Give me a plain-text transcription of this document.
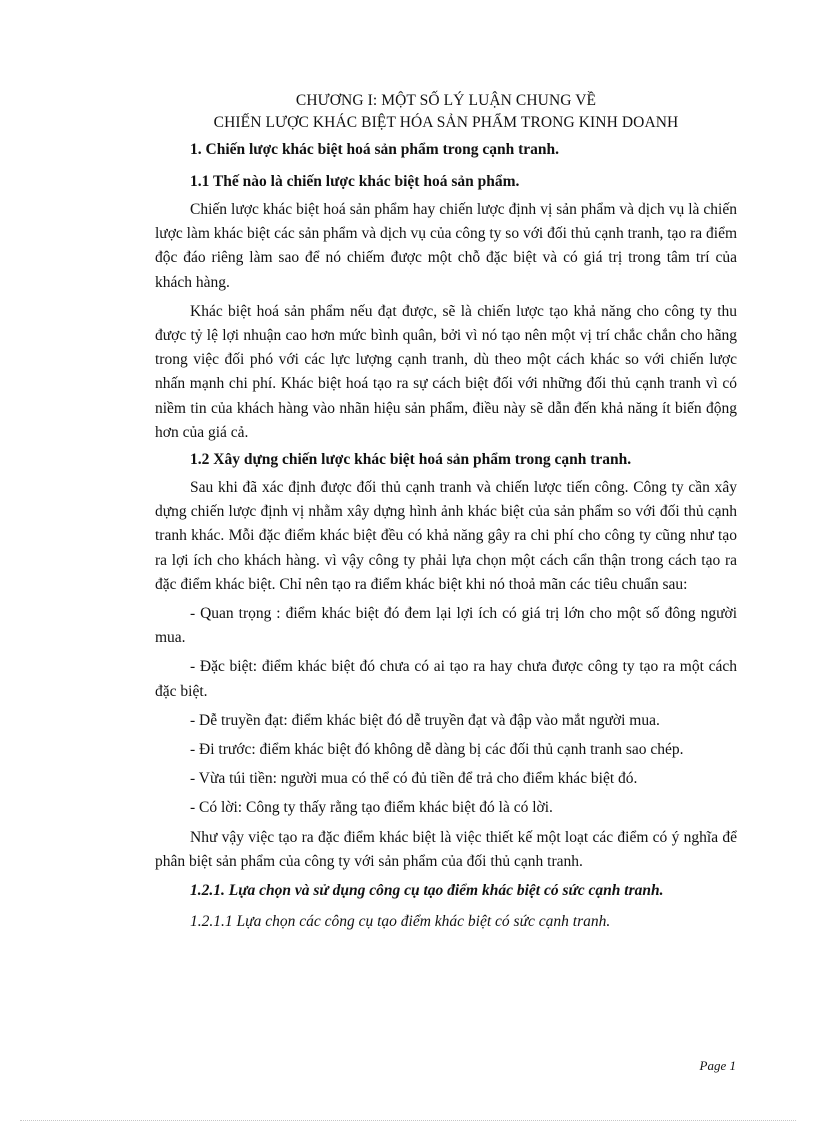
CHƯƠNG I: MỘT SỐ LÝ LUẬN CHUNG VỀ
CHIẾN LƯỢC KHÁC BIỆT HÓA SẢN PHẨM TRONG KINH DOANH
1. Chiến lược khác biệt hoá sản phẩm trong cạnh tranh.
1.1 Thế nào là chiến lược khác biệt hoá sản phẩm.

Chiến lược khác biệt hoá sản phẩm hay chiến lược định vị sản phẩm và dịch vụ là chiến lược làm khác biệt các sản phẩm và dịch vụ của công ty so với đối thủ cạnh tranh, tạo ra điểm độc đáo riêng làm sao để nó chiếm được một chỗ đặc biệt và có giá trị trong tâm trí của khách hàng.

Khác biệt hoá sản phẩm nếu đạt được, sẽ là chiến lược tạo khả năng cho công ty thu được tỷ lệ lợi nhuận cao hơn mức bình quân, bởi vì nó tạo nên một vị trí chắc chắn cho hãng trong việc đối phó với các lực lượng cạnh tranh, dù theo một cách khác so với chiến lược nhấn mạnh chi phí. Khác biệt hoá tạo ra sự cách biệt đối với những đối thủ cạnh tranh vì có niềm tin của khách hàng vào nhãn hiệu sản phẩm, điều này sẽ dẫn đến khả năng ít biến động hơn của giá cả.

1.2 Xây dựng chiến lược khác biệt hoá sản phẩm trong cạnh tranh.

Sau khi đã xác định được đối thủ cạnh tranh và chiến lược tiến công. Công ty cần xây dựng chiến lược định vị nhằm xây dựng hình ảnh khác biệt của sản phẩm so với đối thủ cạnh tranh khác. Mỗi đặc điểm khác biệt đều có khả năng gây ra chi phí cho công ty cũng như tạo ra lợi ích cho khách hàng. vì vậy công ty phải lựa chọn một cách cẩn thận trong cách tạo ra đặc điểm khác biệt. Chỉ nên tạo ra điểm khác biệt khi nó thoả mãn các tiêu chuẩn sau:

- Quan trọng : điểm khác biệt đó đem lại lợi ích có giá trị lớn cho một số đông người mua.

- Đặc biệt: điểm khác biệt đó chưa có ai tạo ra hay chưa được công ty tạo ra một cách đặc biệt.

- Dễ truyền đạt: điểm khác biệt đó dễ truyền đạt và đập vào mắt người mua.

- Đi trước: điểm khác biệt đó không dễ dàng bị các đối thủ cạnh tranh sao chép.

- Vừa túi tiền: người mua có thể có đủ tiền để trả cho điểm khác biệt đó.

- Có lời: Công ty thấy rằng tạo điểm khác biệt đó là có lời.

Như vậy việc tạo ra đặc điểm khác biệt là việc thiết kế một loạt các điểm có ý nghĩa để phân biệt sản phẩm của công ty với sản phẩm của đối thủ cạnh tranh.

1.2.1. Lựa chọn và sử dụng công cụ tạo điểm khác biệt có sức cạnh tranh.
1.2.1.1 Lựa chọn các công cụ tạo điểm khác biệt có sức cạnh tranh.
Page 1
